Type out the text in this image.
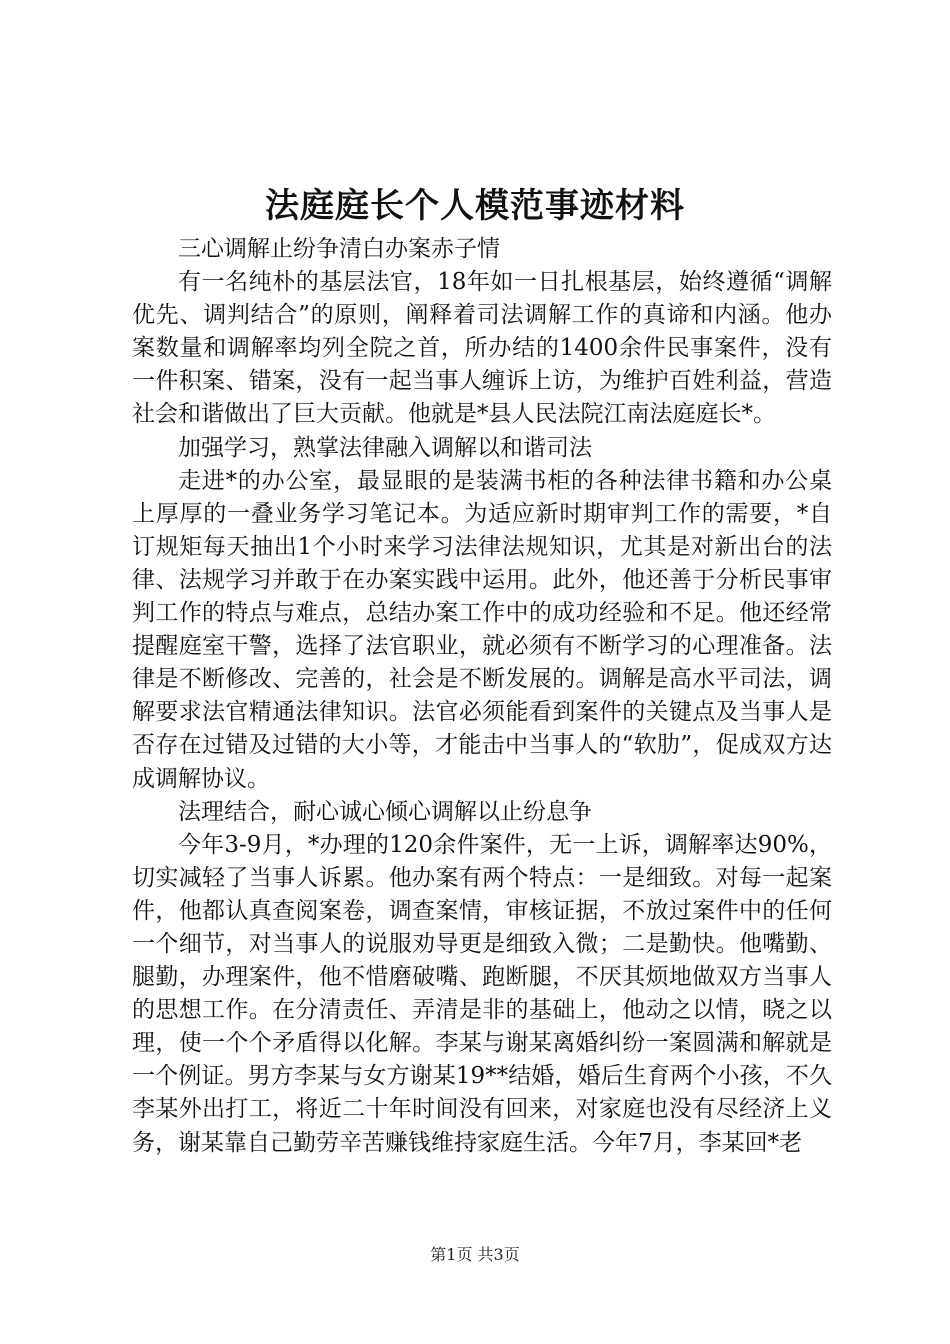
法庭庭长个人模范事迹材料

三心调解止纷争清白办案赤子情

有一名纯朴的基层法官，18年如一日扎根基层，始终遵循“调解优先、调判结合”的原则，阐释着司法调解工作的真谛和内涵。他办案数量和调解率均列全院之首，所办结的1400余件民事案件，没有一件积案、错案，没有一起当事人缠诉上访，为维护百姓利益，营造社会和谐做出了巨大贡献。他就是*县人民法院江南法庭庭长*。

加强学习，熟掌法律融入调解以和谐司法

走进*的办公室，最显眼的是装满书柜的各种法律书籍和办公桌上厚厚的一叠业务学习笔记本。为适应新时期审判工作的需要，*自订规矩每天抽出1个小时来学习法律法规知识，尤其是对新出台的法律、法规学习并敢于在办案实践中运用。此外，他还善于分析民事审判工作的特点与难点，总结办案工作中的成功经验和不足。他还经常提醒庭室干警，选择了法官职业，就必须有不断学习的心理准备。法律是不断修改、完善的，社会是不断发展的。调解是高水平司法，调解要求法官精通法律知识。法官必须能看到案件的关键点及当事人是否存在过错及过错的大小等，才能击中当事人的“软肋”，促成双方达成调解协议。

法理结合，耐心诚心倾心调解以止纷息争

今年3-9月，*办理的120余件案件，无一上诉，调解率达90%，切实减轻了当事人诉累。他办案有两个特点：一是细致。对每一起案件，他都认真查阅案卷，调查案情，审核证据，不放过案件中的任何一个细节，对当事人的说服劝导更是细致入微；二是勤快。他嘴勤、腿勤，办理案件，他不惜磨破嘴、跑断腿，不厌其烦地做双方当事人的思想工作。在分清责任、弄清是非的基础上，他动之以情，晓之以理，使一个个矛盾得以化解。李某与谢某离婚纠纷一案圆满和解就是一个例证。男方李某与女方谢某19**结婚，婚后生育两个小孩，不久李某外出打工，将近二十年时间没有回来，对家庭也没有尽经济上义务，谢某靠自己勤劳辛苦赚钱维持家庭生活。今年7月，李某回*老

第1页 共3页
